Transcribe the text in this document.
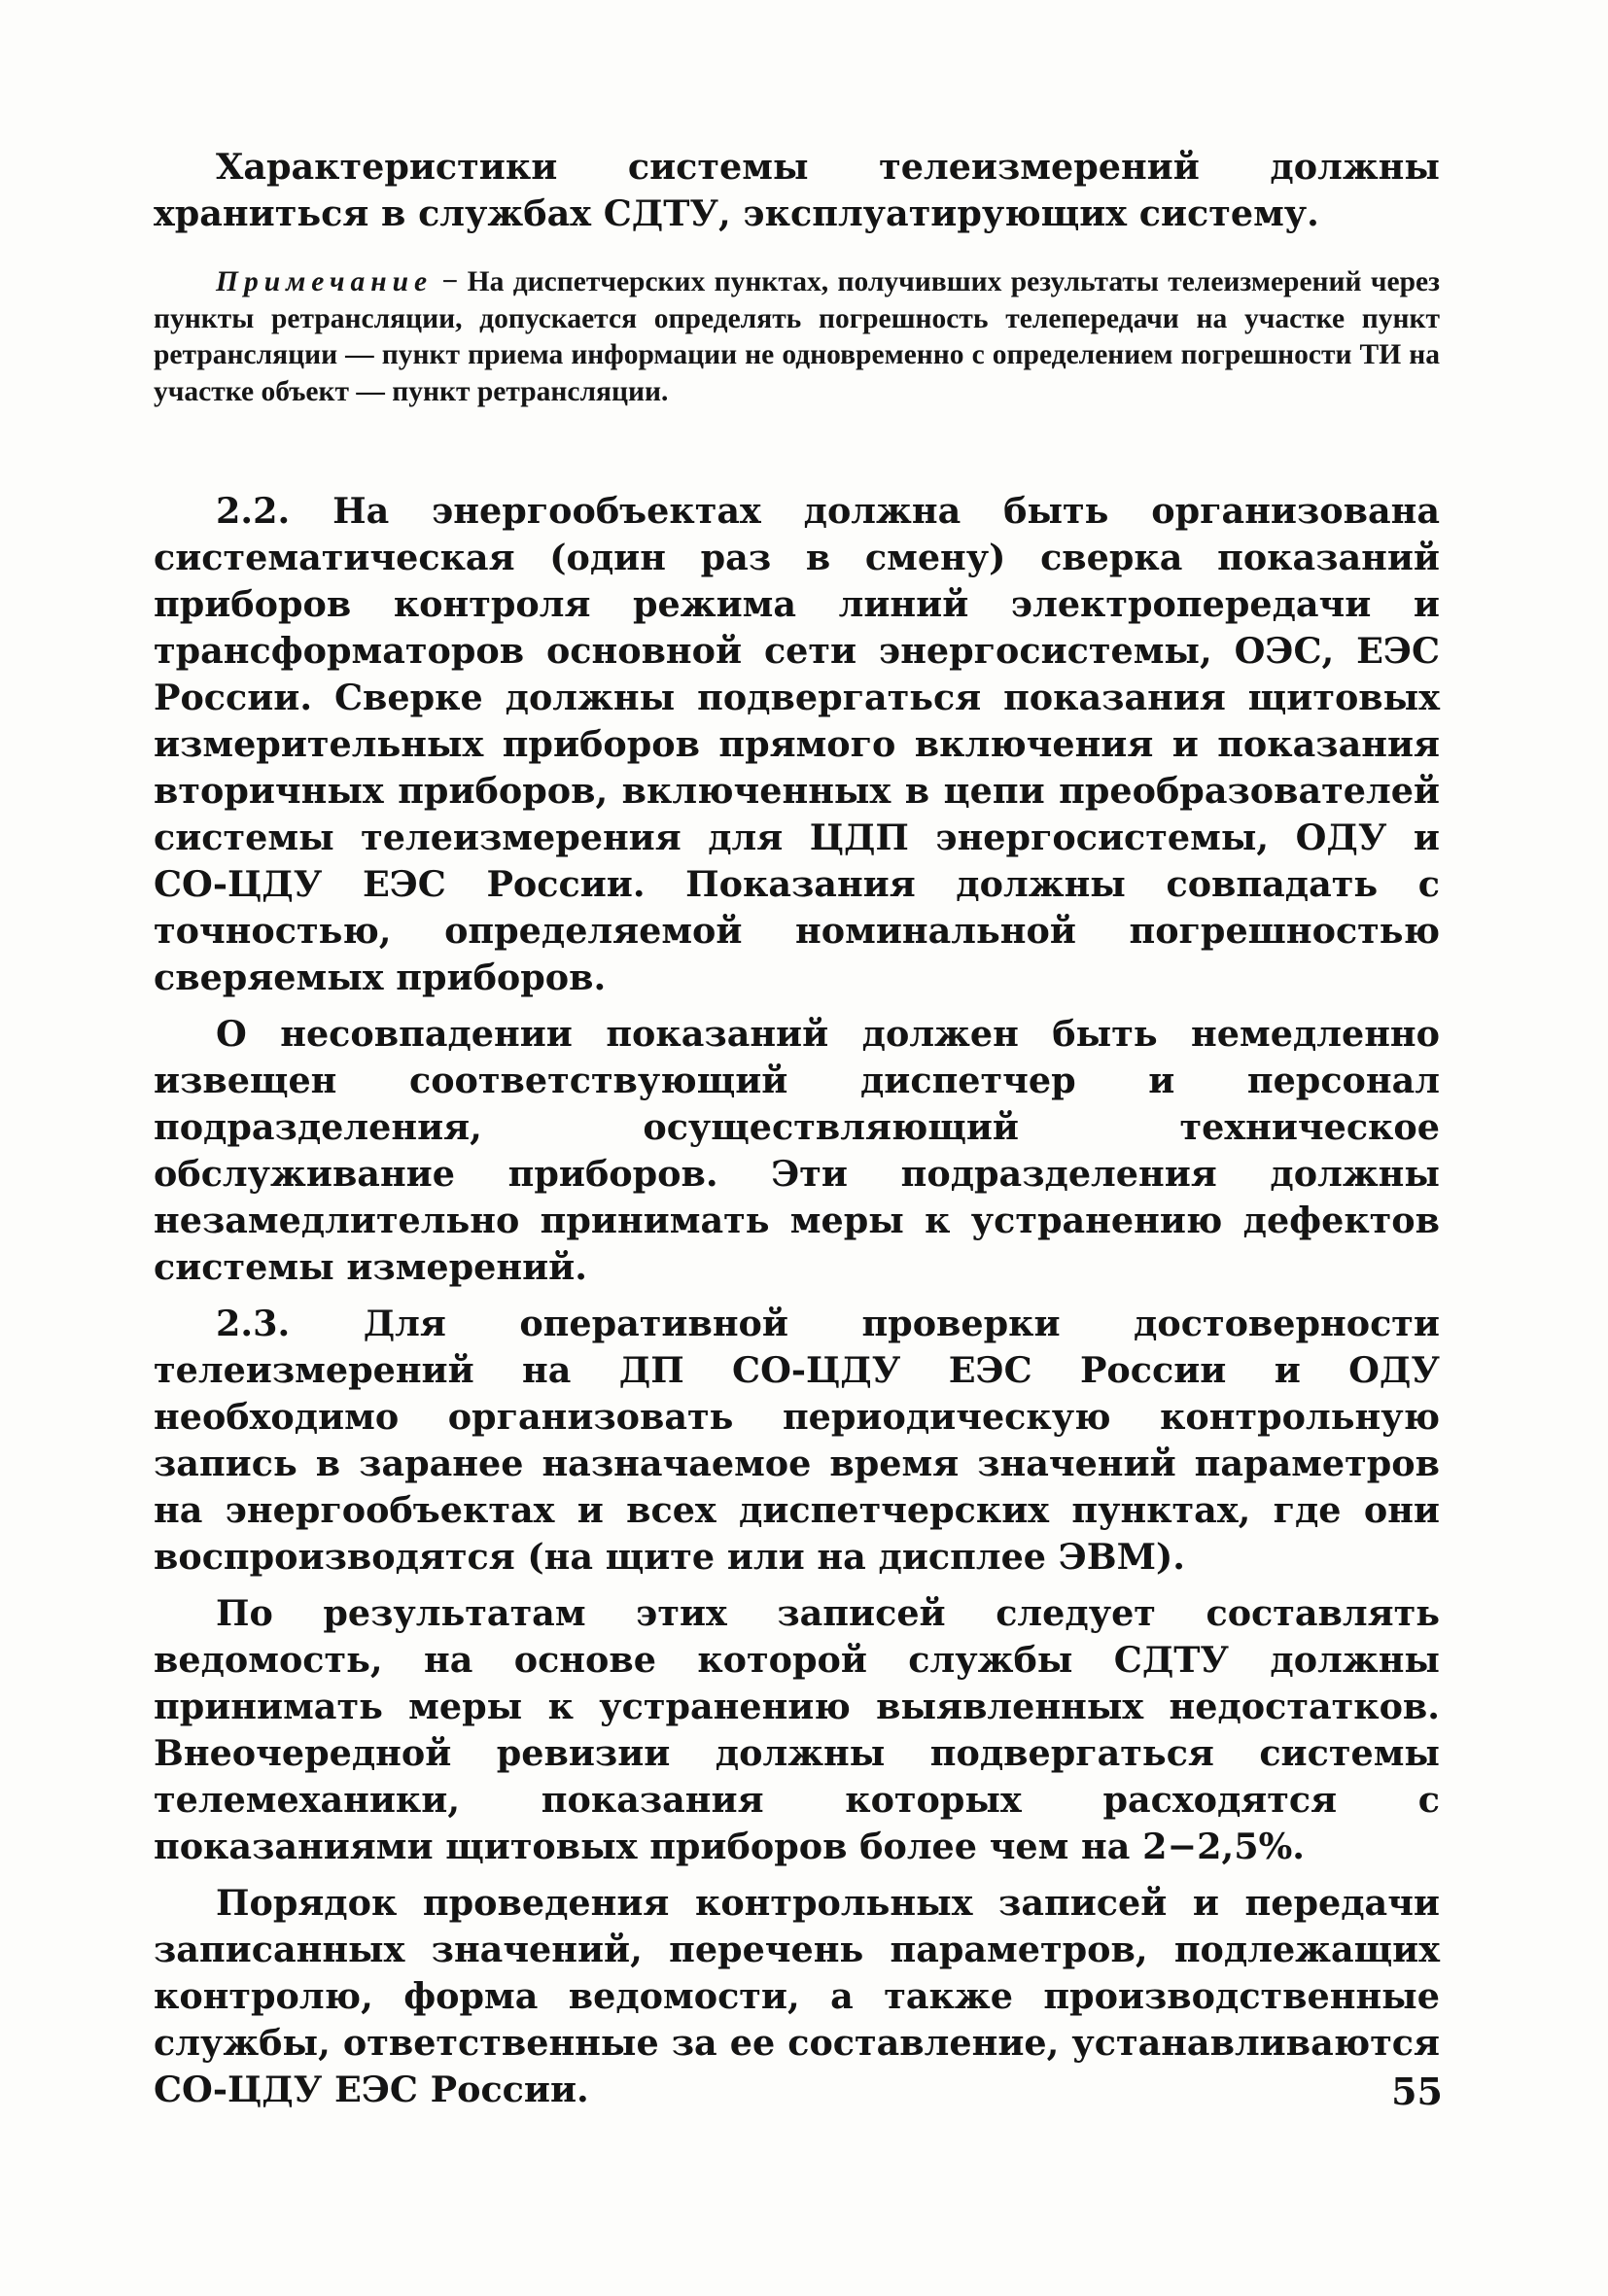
Характеристики системы телеизмерений должны храниться в службах СДТУ, эксплуатирующих систему.

Примечание − На диспетчерских пунктах, получивших результаты телеизмерений через пункты ретрансляции, допускается определять погрешность телепередачи на участке пункт ретрансляции — пункт приема информации не одновременно с определением погрешности ТИ на участке объект — пункт ретрансляции.

2.2. На энергообъектах должна быть организована систематическая (один раз в смену) сверка показаний приборов контроля режима линий электропередачи и трансформаторов основной сети энергосистемы, ОЭС, ЕЭС России. Сверке должны подвергаться показания щитовых измерительных приборов прямого включения и показания вторичных приборов, включенных в цепи преобразователей системы телеизмерения для ЦДП энергосистемы, ОДУ и СО-ЦДУ ЕЭС России. Показания должны совпадать с точностью, определяемой номинальной погрешностью сверяемых приборов.

О несовпадении показаний должен быть немедленно извещен соответствующий диспетчер и персонал подразделения, осуществляющий техническое обслуживание приборов. Эти подразделения должны незамедлительно принимать меры к устранению дефектов системы измерений.

2.3. Для оперативной проверки достоверности телеизмерений на ДП СО-ЦДУ ЕЭС России и ОДУ необходимо организовать периодическую контрольную запись в заранее назначаемое время значений параметров на энергообъектах и всех диспетчерских пунктах, где они воспроизводятся (на щите или на дисплее ЭВМ).

По результатам этих записей следует составлять ведомость, на основе которой службы СДТУ должны принимать меры к устранению выявленных недостатков. Внеочередной ревизии должны подвергаться системы телемеханики, показания которых расходятся с показаниями щитовых приборов более чем на 2−2,5%.

Порядок проведения контрольных записей и передачи записанных значений, перечень параметров, подлежащих контролю, форма ведомости, а также производственные службы, ответственные за ее составление, устанавливаются СО-ЦДУ ЕЭС России.	55
